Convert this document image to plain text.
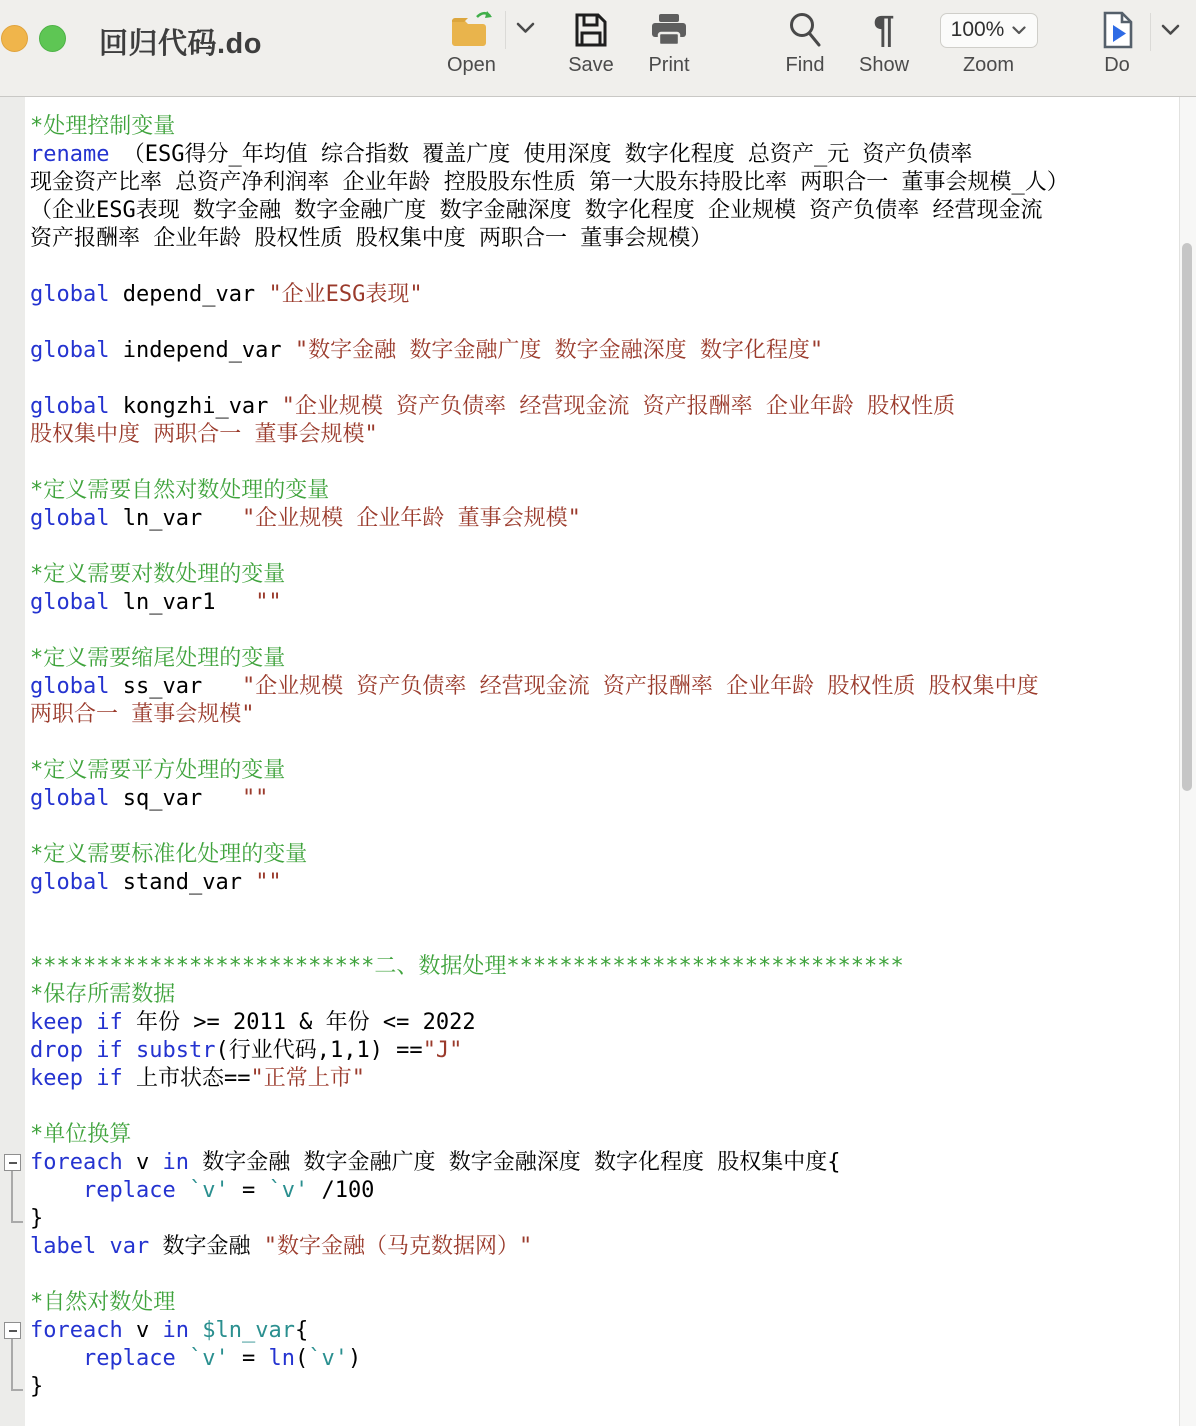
回归代码.do
Open	Save Print	Find
¶
Show
100%
Zoom	Do
*处理控制变量
rename （ESG得分_年均值 综合指数 覆盖广度 使用深度 数字化程度 总资产_元 资产负债率
现金资产比率 总资产净利润率 企业年龄 控股股东性质 第一大股东持股比率 两职合一 董事会规模_人）
（企业ESG表现 数字金融 数字金融广度 数字金融深度 数字化程度 企业规模 资产负债率 经营现金流
资产报酬率 企业年龄 股权性质 股权集中度 两职合一 董事会规模）

global depend_var "企业ESG表现"

global independ_var "数字金融 数字金融广度 数字金融深度 数字化程度"

global kongzhi_var "企业规模 资产负债率 经营现金流 资产报酬率 企业年龄 股权性质
股权集中度 两职合一 董事会规模"

*定义需要自然对数处理的变量
global ln_var   "企业规模 企业年龄 董事会规模"

*定义需要对数处理的变量
global ln_var1   ""

*定义需要缩尾处理的变量
global ss_var   "企业规模 资产负债率 经营现金流 资产报酬率 企业年龄 股权性质 股权集中度
两职合一 董事会规模"

*定义需要平方处理的变量
global sq_var   ""

*定义需要标准化处理的变量
global stand_var ""

**************************二、数据处理******************************
*保存所需数据
keep if 年份 >= 2011 & 年份 <= 2022
drop if substr(行业代码,1,1) =="J"
keep if 上市状态=="正常上市"

*单位换算
foreach v in 数字金融 数字金融广度 数字金融深度 数字化程度 股权集中度{
replace `v' = `v' /100
}
label var 数字金融 "数字金融（马克数据网）"

*自然对数处理
foreach v in $ln_var{
replace `v' = ln(`v')
}
